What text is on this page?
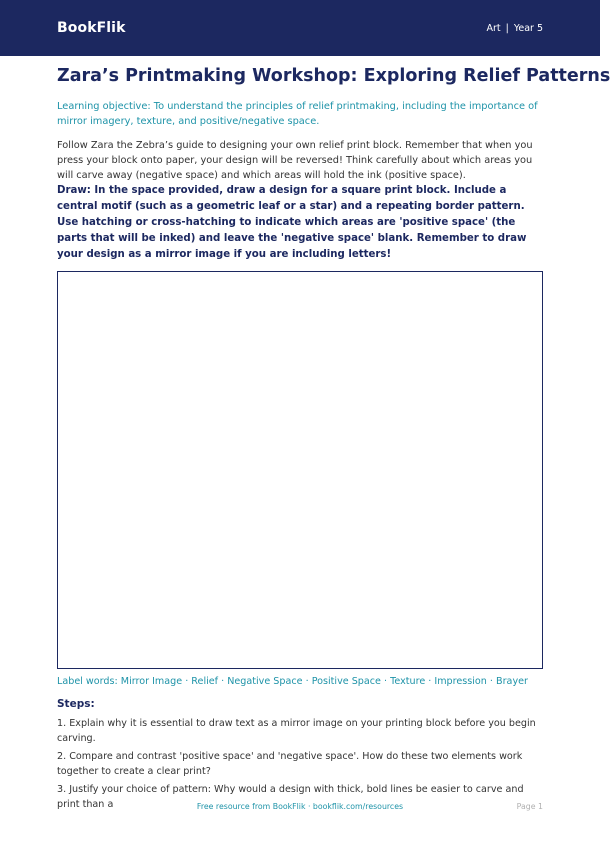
BookFlik	Art | Year 5
Zara’s Printmaking Workshop: Exploring Relief Patterns

Learning objective: To understand the principles of relief printmaking, including the importance of mirror imagery, texture, and positive/negative space.

Follow Zara the Zebra’s guide to designing your own relief print block. Remember that when you press your block onto paper, your design will be reversed! Think carefully about which areas you will carve away (negative space) and which areas will hold the ink (positive space).

Draw: In the space provided, draw a design for a square print block. Include a central motif (such as a geometric leaf or a star) and a repeating border pattern. Use hatching or cross-hatching to indicate which areas are 'positive space' (the parts that will be inked) and leave the 'negative space' blank. Remember to draw your design as a mirror image if you are including letters!

Label words: Mirror Image · Relief · Negative Space · Positive Space · Texture · Impression · Brayer

Steps:
1. Explain why it is essential to draw text as a mirror image on your printing block before you begin carving.
2. Compare and contrast 'positive space' and 'negative space'. How do these two elements work together to create a clear print?
3. Justify your choice of pattern: Why would a design with thick, bold lines be easier to carve and print than a	Free resource from BookFlik · bookflik.com/resources	Page 1
